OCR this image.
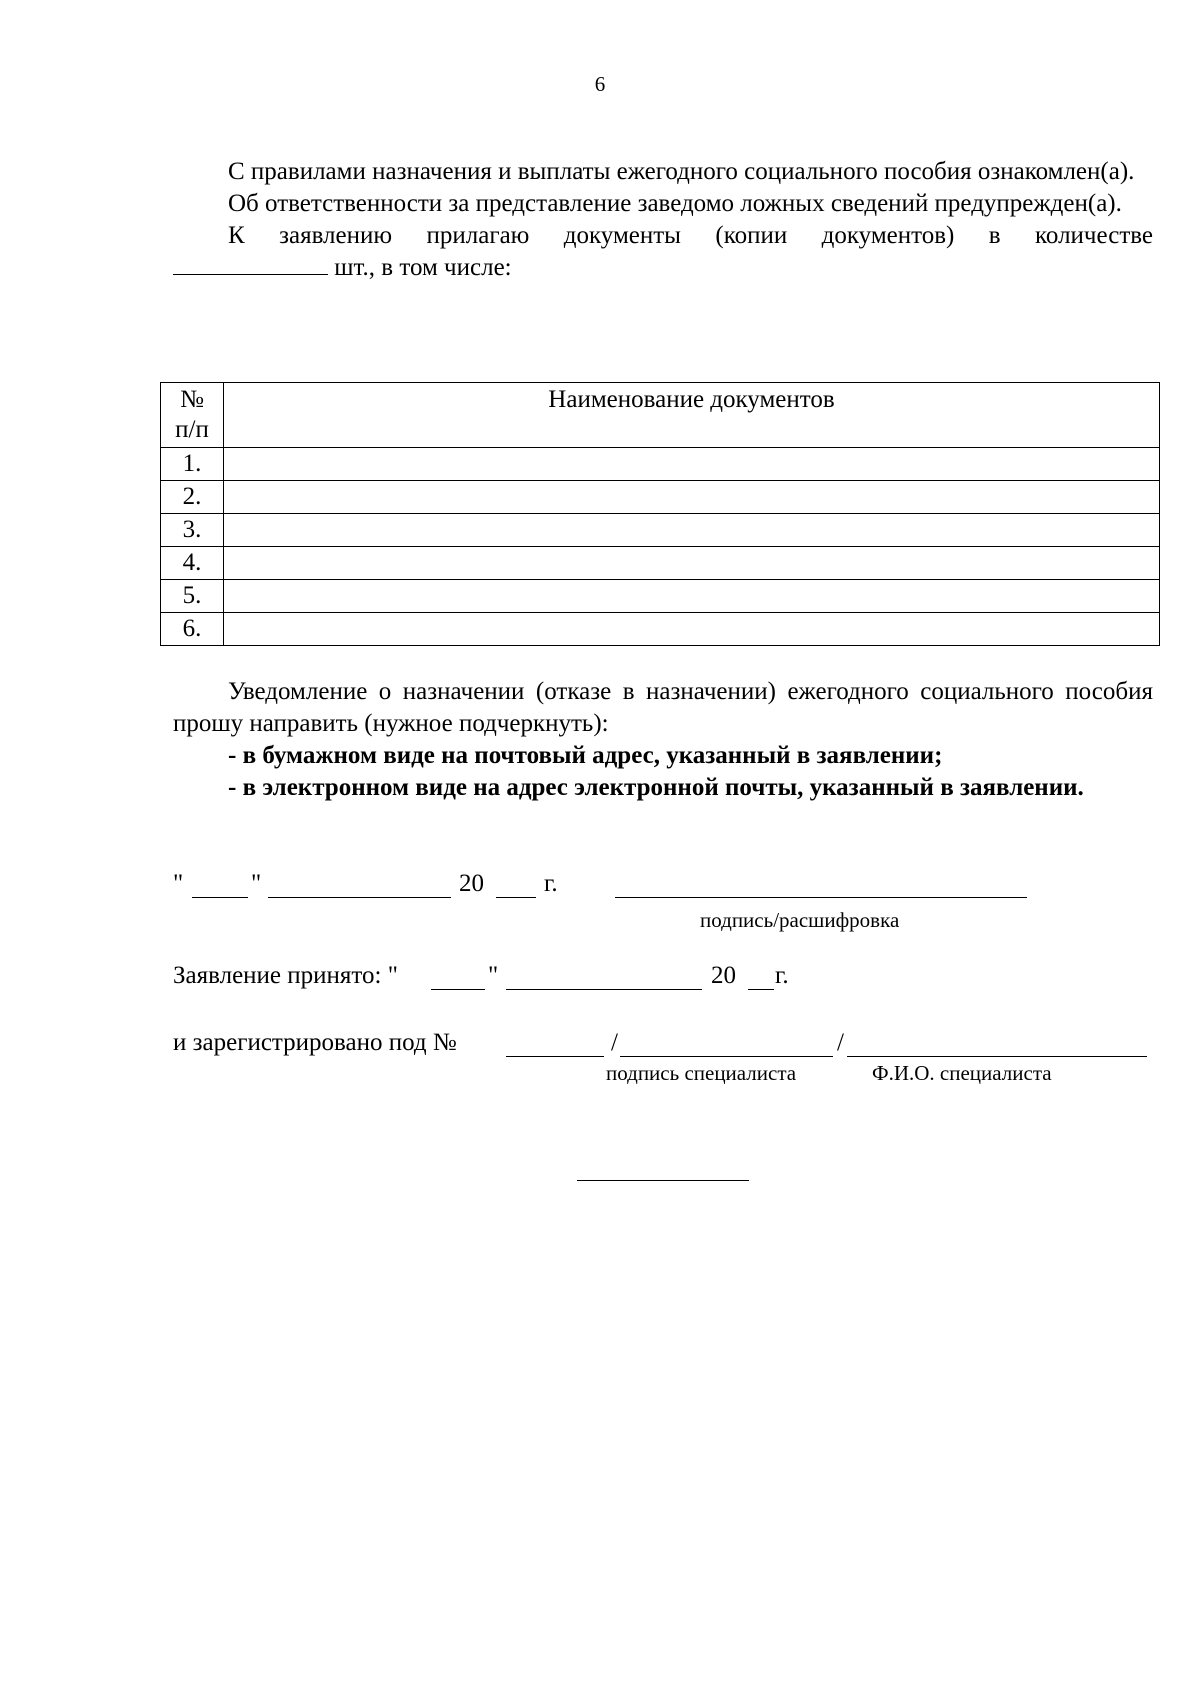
6

С правилами назначения и выплаты ежегодного социального пособия ознакомлен(а).

Об ответственности за представление заведомо ложных сведений предупрежден(а).

К заявлению прилагаю документы (копии документов) в количестве

шт., в том числе:

№
п/п	Наименование документов
1.	
2.	
3.	
4.	
5.	
6.	

Уведомление о назначении (отказе в назначении) ежегодного социального пособия прошу направить (нужное подчеркнуть):

- в бумажном виде на почтовый адрес, указанный в заявлении;

- в электронном виде на адрес электронной почты, указанный в заявлении.

"	"	20 г.
подпись/расшифровка
Заявление принято: "	"	20 г.
и зарегистрировано под №	/	/
подпись специалиста	Ф.И.О. специалиста
